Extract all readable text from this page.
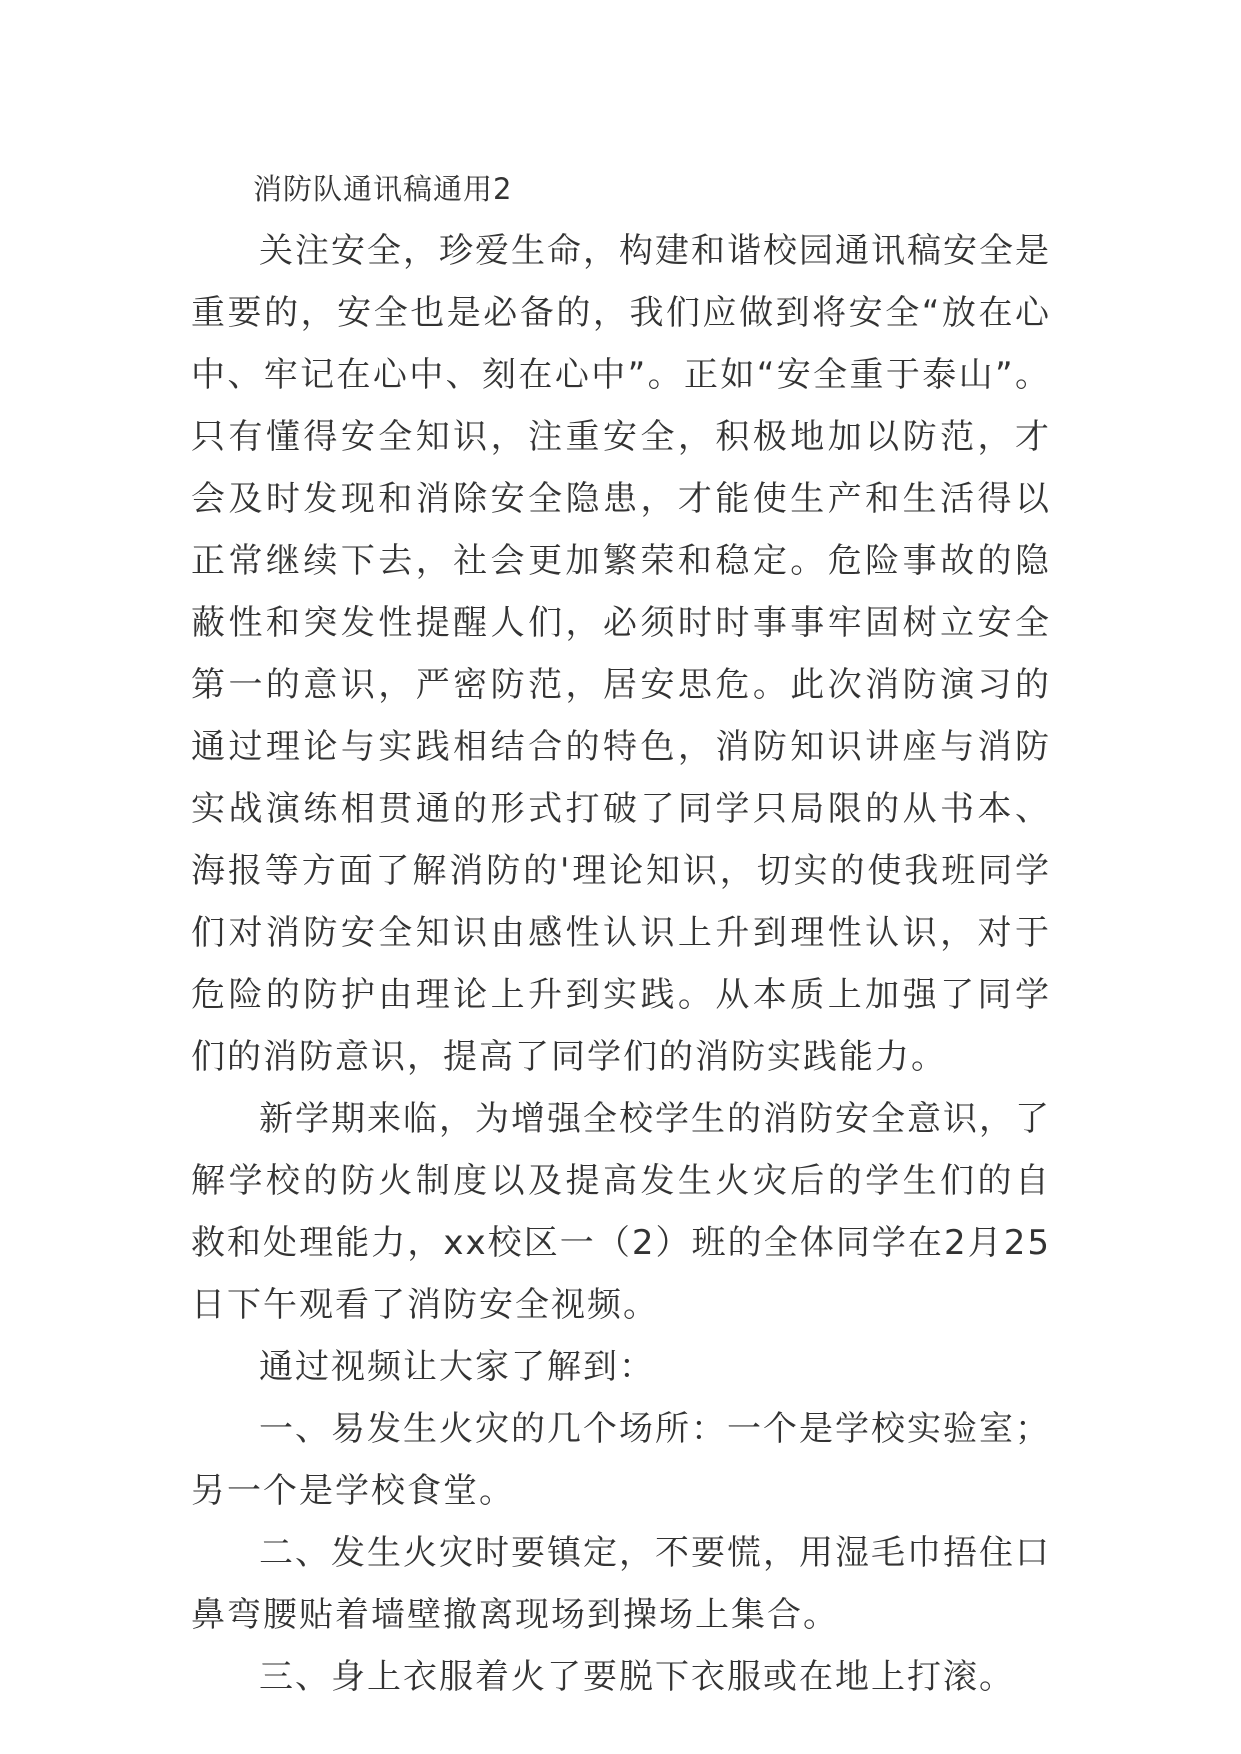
消防队通讯稿通用2

关注安全，珍爱生命，构建和谐校园通讯稿安全是重要的，安全也是必备的，我们应做到将安全“放在心中、牢记在心中、刻在心中”。正如“安全重于泰山”。只有懂得安全知识，注重安全，积极地加以防范，才会及时发现和消除安全隐患，才能使生产和生活得以正常继续下去，社会更加繁荣和稳定。危险事故的隐蔽性和突发性提醒人们，必须时时事事牢固树立安全第一的意识，严密防范，居安思危。此次消防演习的通过理论与实践相结合的特色，消防知识讲座与消防实战演练相贯通的形式打破了同学只局限的从书本、海报等方面了解消防的'理论知识，切实的使我班同学们对消防安全知识由感性认识上升到理性认识，对于危险的防护由理论上升到实践。从本质上加强了同学们的消防意识，提高了同学们的消防实践能力。

新学期来临，为增强全校学生的消防安全意识，了解学校的防火制度以及提高发生火灾后的学生们的自救和处理能力，xx校区一（2）班的全体同学在2月25日下午观看了消防安全视频。

通过视频让大家了解到：

一、易发生火灾的几个场所：一个是学校实验室；另一个是学校食堂。

二、发生火灾时要镇定，不要慌，用湿毛巾捂住口鼻弯腰贴着墙壁撤离现场到操场上集合。

三、身上衣服着火了要脱下衣服或在地上打滚。
